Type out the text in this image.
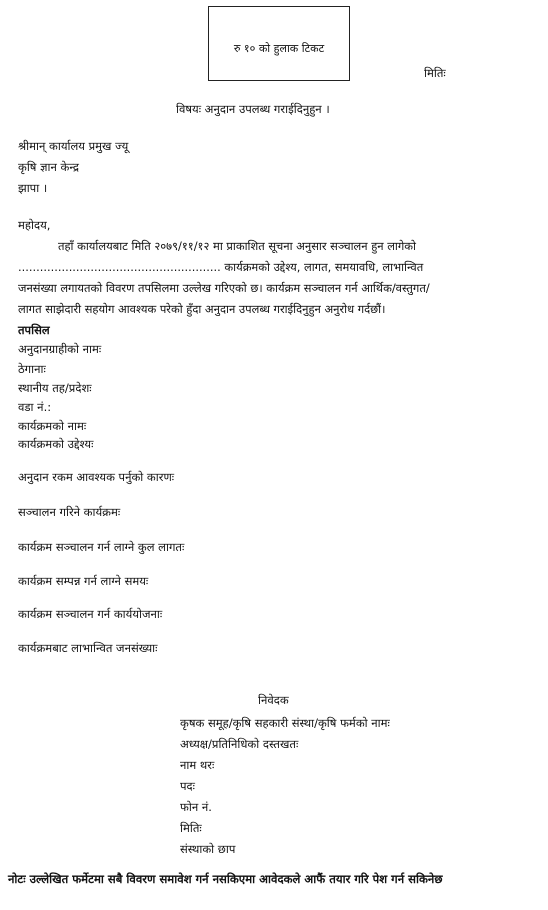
रु १० को हुलाक टिकट
मितिः
विषयः अनुदान उपलब्ध गराईदिनुहुन ।
श्रीमान् कार्यालय प्रमुख ज्यू
कृषि ज्ञान केन्द्र
झापा ।
महोदय,
तहाँ कार्यालयबाट मिति २०७९/११/१२ मा प्राकाशित सूचना अनुसार सञ्चालन हुन लागेको
........................................................ कार्यक्रमको उद्देश्य, लागत, समयावधि, लाभान्वित
जनसंख्या लगायतको विवरण तपसिलमा उल्लेख गरिएको छ। कार्यक्रम सञ्चालन गर्न आर्थिक/वस्तुगत/
लागत साझेदारी सहयोग आवश्यक परेको हुँदा अनुदान उपलब्ध गराईदिनुहुन अनुरोध गर्दछौं।
तपसिल
अनुदानग्राहीको नामः
ठेगानाः
स्थानीय तह/प्रदेशः
वडा नं.:
कार्यक्रमको नामः
कार्यक्रमको उद्देश्यः
अनुदान रकम आवश्यक पर्नुको कारणः
सञ्चालन गरिने कार्यक्रमः
कार्यक्रम सञ्चालन गर्न लाग्ने कुल लागतः
कार्यक्रम सम्पन्न गर्न लाग्ने समयः
कार्यक्रम सञ्चालन गर्न कार्ययोजनाः
कार्यक्रमबाट लाभान्वित जनसंख्याः
निवेदक
कृषक समूह/कृषि सहकारी संस्था/कृषि फर्मको नामः
अध्यक्ष/प्रतिनिधिको दस्तखतः
नाम थरः
पदः
फोन नं.
मितिः
संस्थाको छाप
नोटः उल्लेखित फर्मेटमा सबै विवरण समावेश गर्न नसकिएमा आवेदकले आफैं तयार गरि पेश गर्न सकिनेछ
